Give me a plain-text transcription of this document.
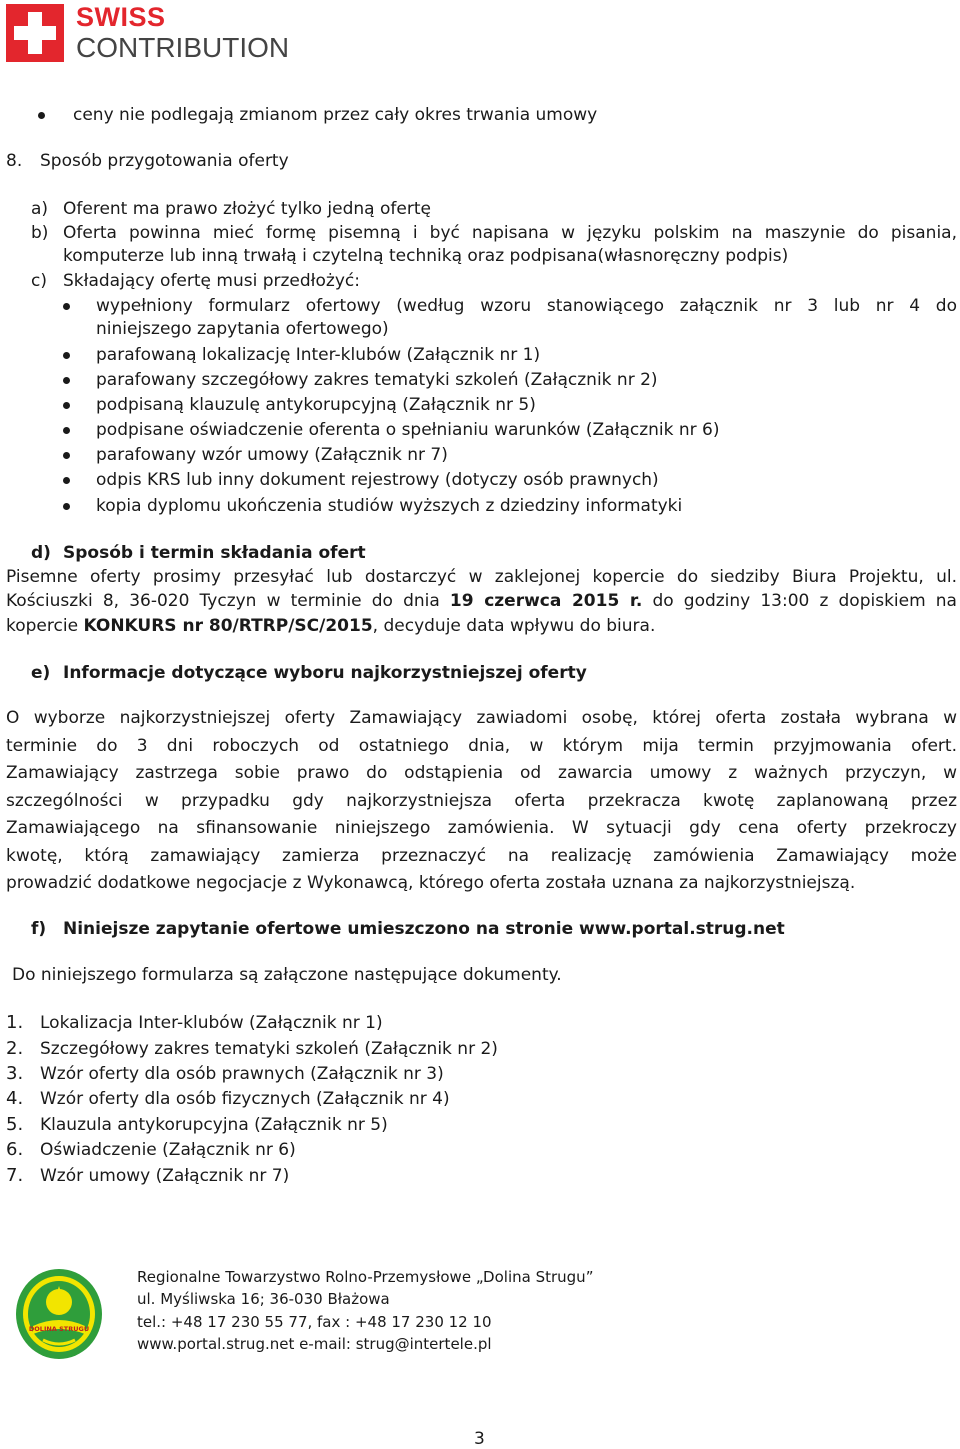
SWISS
CONTRIBUTION
ceny nie podlegają zmianom przez cały okres trwania umowy
8. Sposób przygotowania oferty
a) Oferent ma prawo złożyć tylko jedną ofertę
b) Oferta powinna mieć formę pisemną i być napisana w języku polskim na maszynie do pisania,
komputerze lub inną trwałą i czytelną techniką oraz podpisana(własnoręczny podpis)
c) Składający ofertę musi przedłożyć:
wypełniony formularz ofertowy (według wzoru stanowiącego załącznik nr 3 lub nr 4 do
niniejszego zapytania ofertowego)
parafowaną lokalizację Inter-klubów (Załącznik nr 1)
parafowany szczegółowy zakres tematyki szkoleń (Załącznik nr 2)
podpisaną klauzulę antykorupcyjną (Załącznik nr 5)
podpisane oświadczenie oferenta o spełnianiu warunków (Załącznik nr 6)
parafowany wzór umowy (Załącznik nr 7)
odpis KRS lub inny dokument rejestrowy (dotyczy osób prawnych)
kopia dyplomu ukończenia studiów wyższych z dziedziny informatyki
d) Sposób i termin składania ofert
Pisemne oferty prosimy przesyłać lub dostarczyć w zaklejonej kopercie do siedziby Biura Projektu, ul.
Kościuszki 8, 36-020 Tyczyn w terminie do dnia 19 czerwca 2015 r. do godziny 13:00 z dopiskiem na
kopercie KONKURS nr 80/RTRP/SC/2015, decyduje data wpływu do biura.
e) Informacje dotyczące wyboru najkorzystniejszej oferty
O wyborze najkorzystniejszej oferty Zamawiający zawiadomi osobę, której oferta została wybrana w
terminie do 3 dni roboczych od ostatniego dnia, w którym mija termin przyjmowania ofert.
Zamawiający zastrzega sobie prawo do odstąpienia od zawarcia umowy z ważnych przyczyn, w
szczególności w przypadku gdy najkorzystniejsza oferta przekracza kwotę zaplanowaną przez
Zamawiającego na sfinansowanie niniejszego zamówienia. W sytuacji gdy cena oferty przekroczy
kwotę, którą zamawiający zamierza przeznaczyć na realizację zamówienia Zamawiający może
prowadzić dodatkowe negocjacje z Wykonawcą, którego oferta została uznana za najkorzystniejszą.
f) Niniejsze zapytanie ofertowe umieszczono na stronie www.portal.strug.net
Do niniejszego formularza są załączone następujące dokumenty.
1. Lokalizacja Inter-klubów (Załącznik nr 1)
2. Szczegółowy zakres tematyki szkoleń (Załącznik nr 2)
3. Wzór oferty dla osób prawnych (Załącznik nr 3)
4. Wzór oferty dla osób fizycznych (Załącznik nr 4)
5. Klauzula antykorupcyjna (Załącznik nr 5)
6. Oświadczenie (Załącznik nr 6)
7. Wzór umowy (Załącznik nr 7)
DOLINA STRUGU
Regionalne Towarzystwo Rolno-Przemysłowe „Dolina Strugu”
ul. Myśliwska 16; 36-030 Błażowa
tel.: +48 17 230 55 77, fax : +48 17 230 12 10
www.portal.strug.net e-mail: strug@intertele.pl
3
